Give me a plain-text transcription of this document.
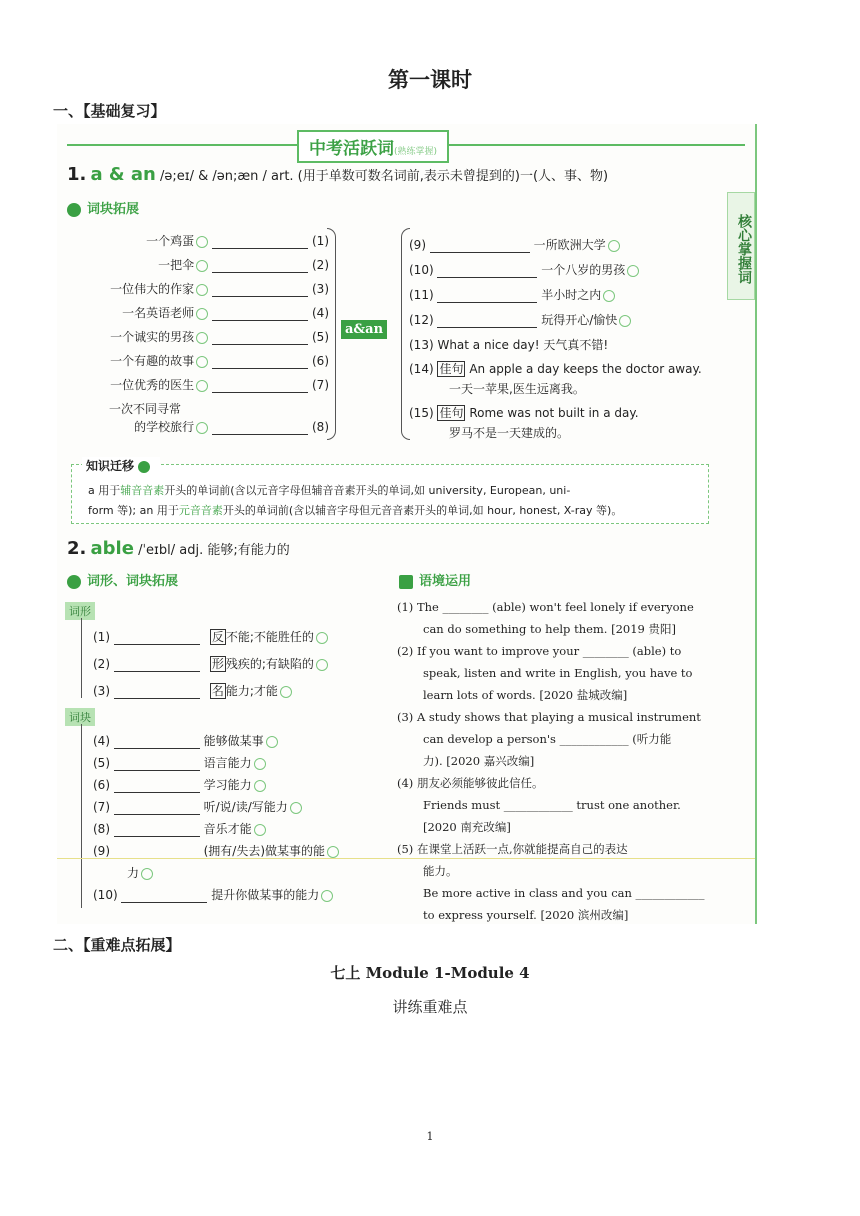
第一课时
一、【基础复习】
中考活跃词(熟练掌握)
核心掌握词
1. a & an /ə;eɪ/ & /ən;æn / art. (用于单数可数名词前,表示未曾提到的)一(人、事、物)
词块拓展
a&an
一个鸡蛋	(1)
一把伞	(2)
一位伟大的作家	(3)
一名英语老师	(4)
一个诚实的男孩	(5)
一个有趣的故事	(6)
一位优秀的医生	(7)
一次不同寻常
的学校旅行	(8)
(9)	一所欧洲大学
(10)	一个八岁的男孩
(11)	半小时之内
(12)	玩得开心/愉快
(13) What a nice day! 天气真不错!
(14) 佳句 An apple a day keeps the doctor away.
一天一苹果,医生远离我。
(15) 佳句 Rome was not built in a day.
罗马不是一天建成的。
知识迁移
a 用于辅音音素开头的单词前(含以元音字母但辅音音素开头的单词,如 university, European, uni-
form 等); an 用于元音音素开头的单词前(含以辅音字母但元音音素开头的单词,如 hour, honest, X-ray 等)。
2. able /ˈeɪbl/ adj. 能够;有能力的
词形、词块拓展	语境运用
词形
词块
(1)	反 不能;不能胜任的
(2)	形 残疾的;有缺陷的
(3)	名 能力;才能
(4)	能够做某事
(5)	语言能力
(6)	学习能力
(7)	听/说/读/写能力
(8)	音乐才能
(9)	(拥有/失去)做某事的能
力
(10)	提升你做某事的能力
(1) The ________ (able) won't feel lonely if everyone
can do something to help them. [2019 贵阳]
(2) If you want to improve your ________ (able) to
speak, listen and write in English, you have to
learn lots of words. [2020 盐城改编]
(3) A study shows that playing a musical instrument
can develop a person's ____________ (听力能
力). [2020 嘉兴改编]
(4) 朋友必须能够彼此信任。
Friends must ____________ trust one another.
[2020 南充改编]
(5) 在课堂上活跃一点,你就能提高自己的表达
能力。
Be more active in class and you can ____________
to express yourself. [2020 滨州改编]
二、【重难点拓展】
七上 Module 1-Module 4
讲练重难点
1
